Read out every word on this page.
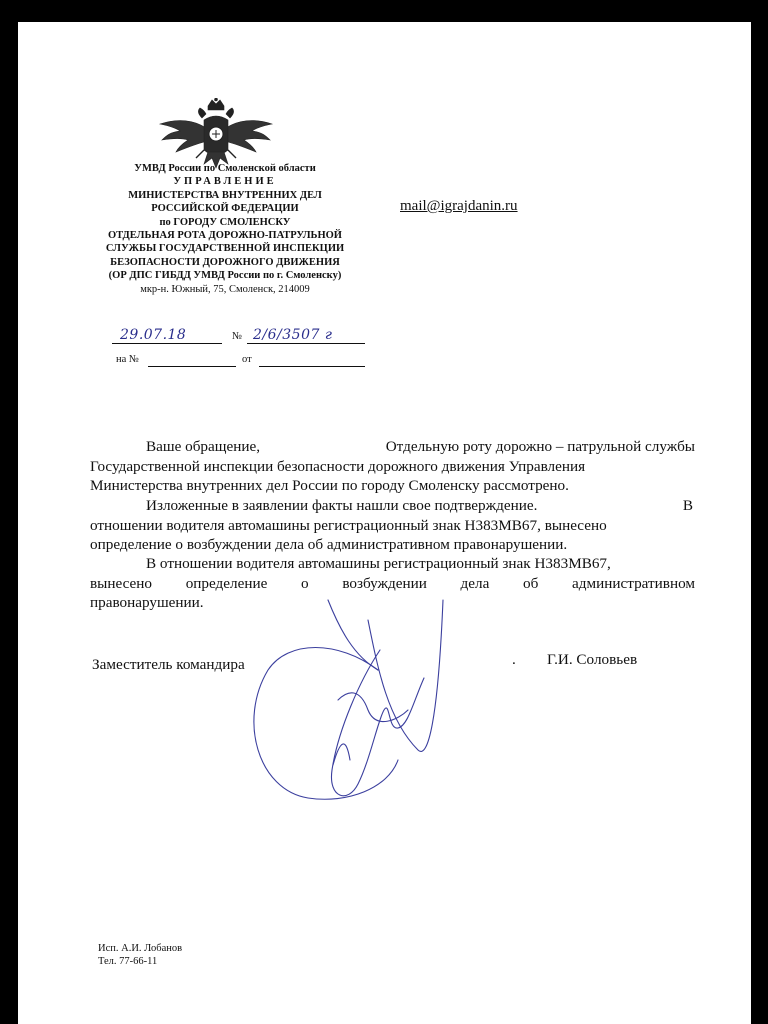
УМВД России по Смоленской области
УПРАВЛЕНИЕ
МИНИСТЕРСТВА ВНУТРЕННИХ ДЕЛ
РОССИЙСКОЙ ФЕДЕРАЦИИ
по ГОРОДУ СМОЛЕНСКУ
ОТДЕЛЬНАЯ РОТА ДОРОЖНО-ПАТРУЛЬНОЙ
СЛУЖБЫ ГОСУДАРСТВЕННОЙ ИНСПЕКЦИИ
БЕЗОПАСНОСТИ ДОРОЖНОГО ДВИЖЕНИЯ
(ОР ДПС ГИБДД УМВД России по г. Смоленску)
мкр-н. Южный, 75, Смоленск, 214009
mail@igrajdanin.ru
29.07.18	№ 2/6/3507 г
на №	от
Ваше обращение,	Отдельную роту дорожно – патрульной службы
Государственной инспекции безопасности дорожного движения Управления
Министерства внутренних дел России по городу Смоленску рассмотрено.
Изложенные в заявлении факты нашли свое подтверждение.	В
отношении водителя автомашины регистрационный знак Н383МВ67, вынесено
определение о возбуждении дела об административном правонарушении.
В отношении водителя автомашины регистрационный знак Н383МВ67,
вынесено определение о возбуждении дела об административном
правонарушении.
Заместитель командира	. Г.И. Соловьев
Исп. А.И. Лобанов
Тел. 77-66-11
